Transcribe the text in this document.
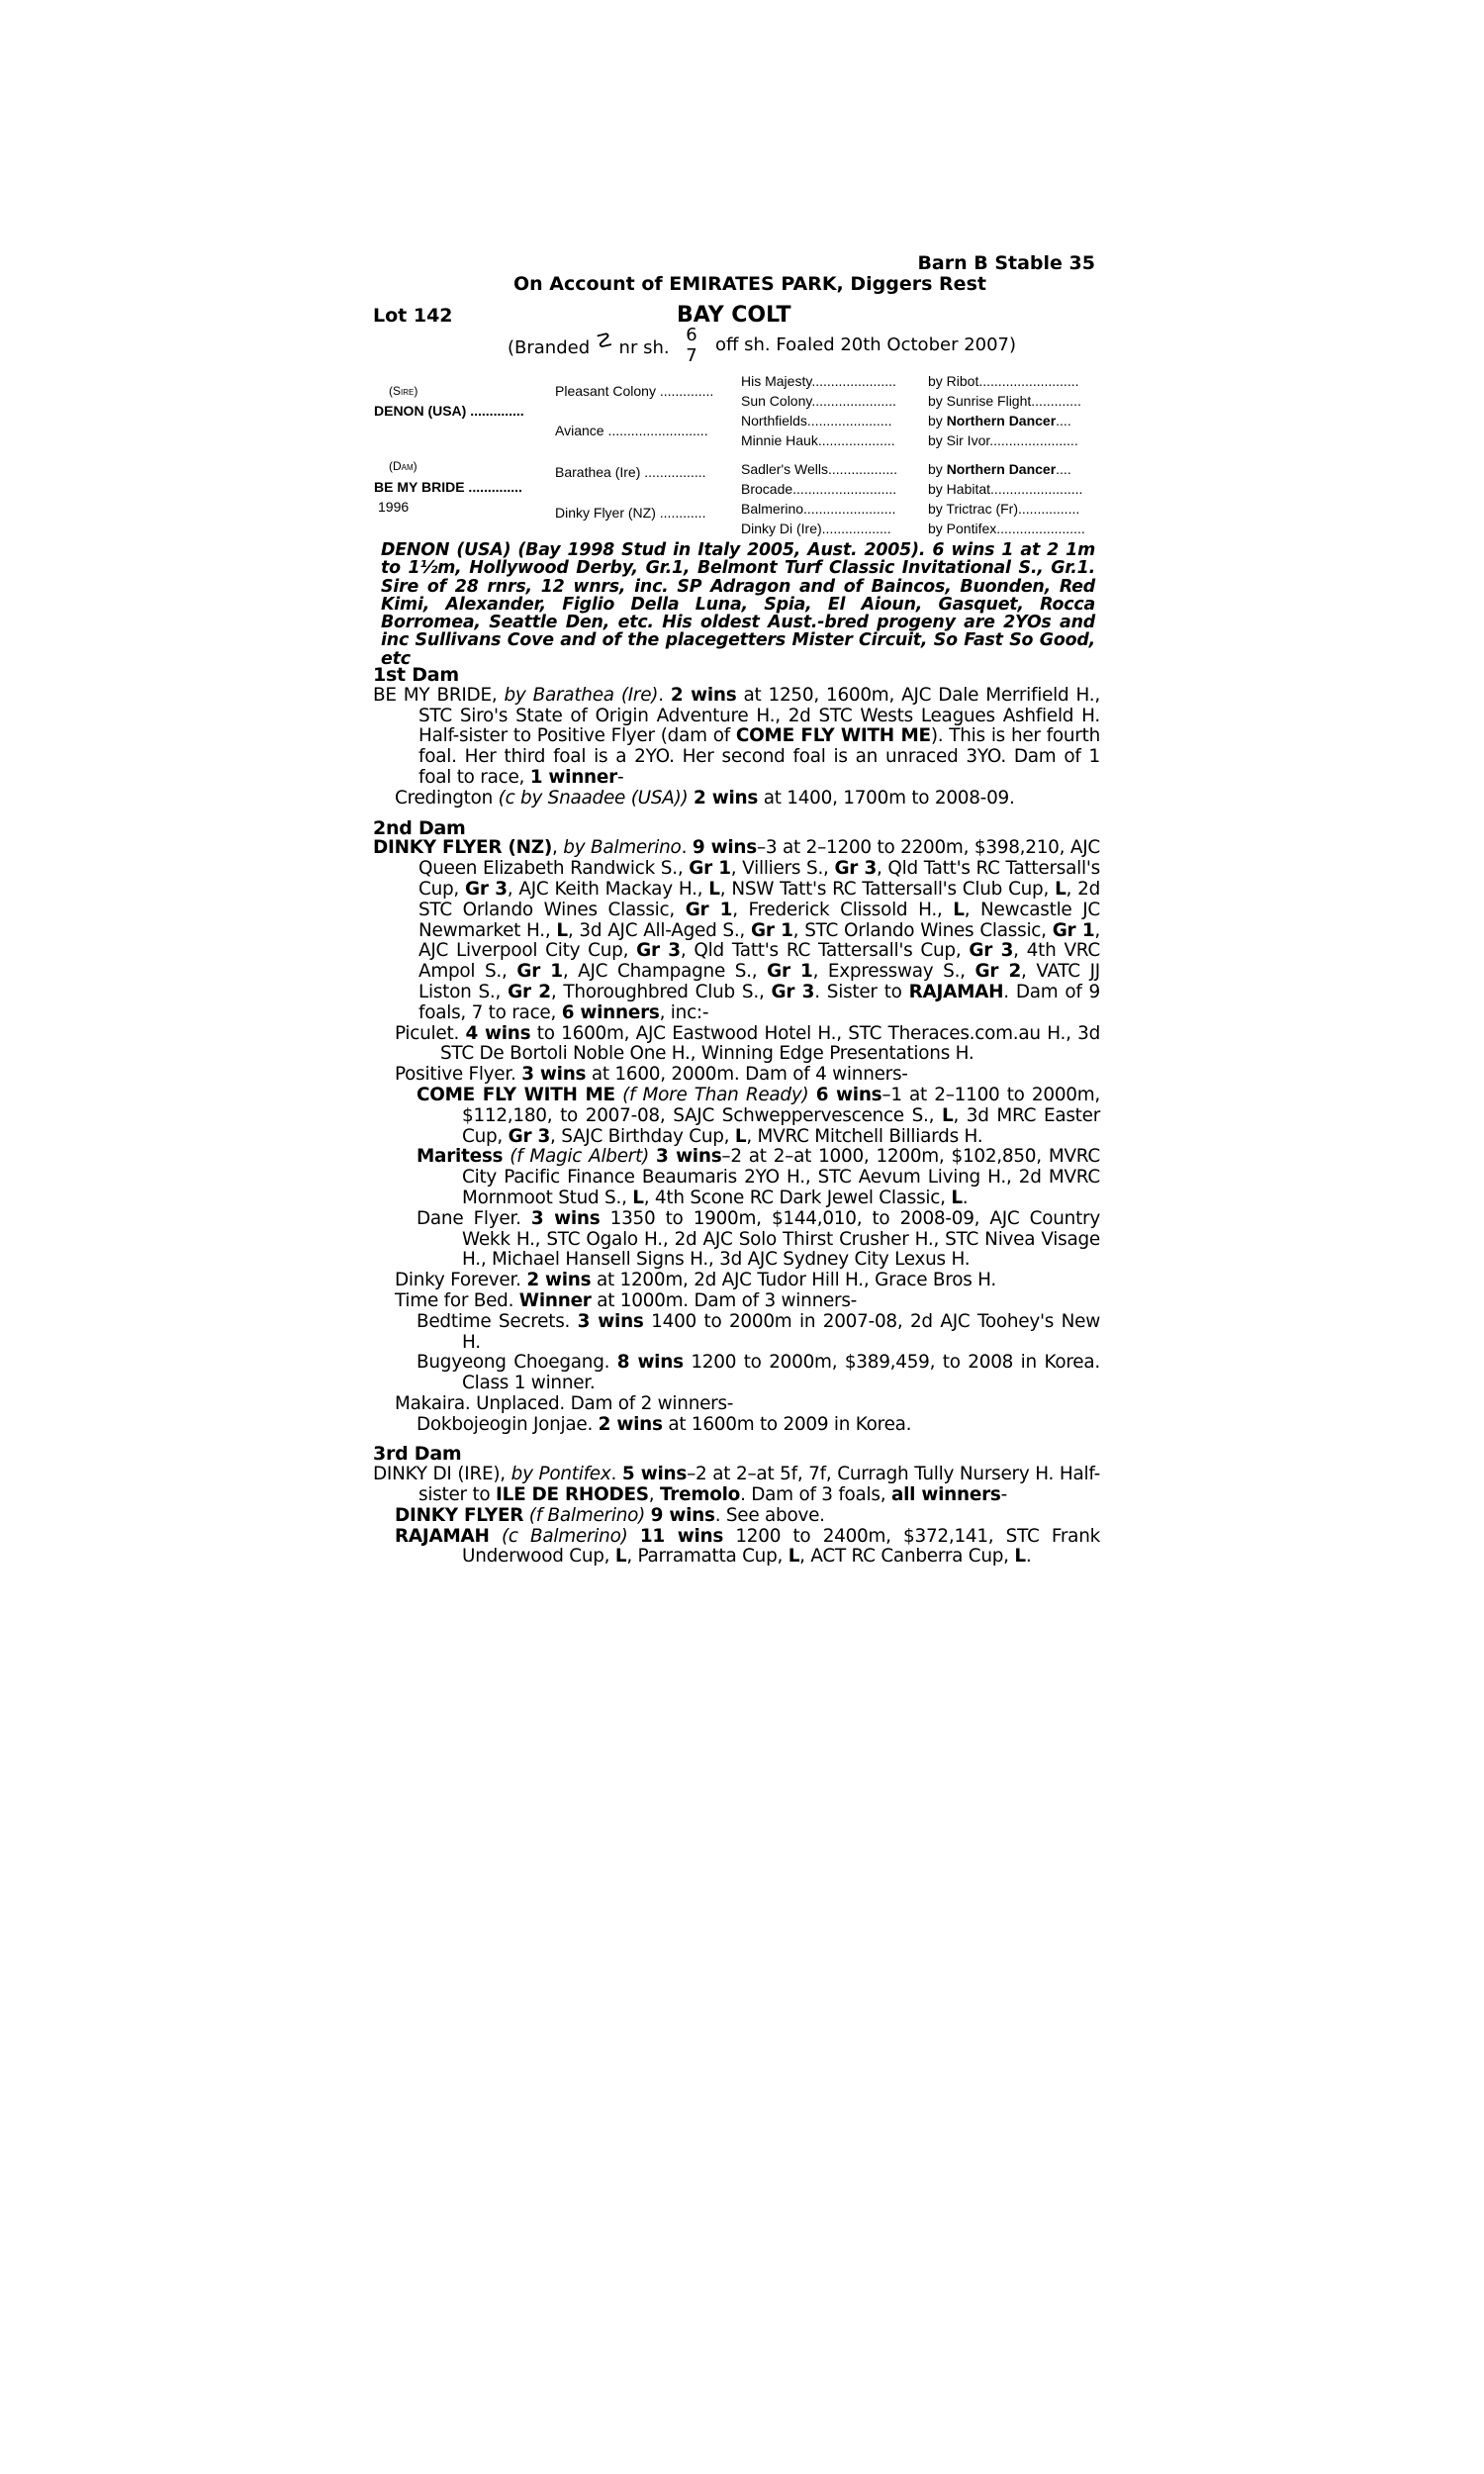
Barn B Stable 35
On Account of EMIRATES PARK, Diggers Rest
Lot 142	BAY COLT
(Branded ☡ nr sh.
6
7
off sh. Foaled 20th October 2007)
(Sire)
DENON (USA) ..............
(Dam)
BE MY BRIDE ..............
1996
Pleasant Colony ..............
Aviance ..........................
Barathea (Ire) ................
Dinky Flyer (NZ) ............
His Majesty......................
Sun Colony......................
Northfields......................
Minnie Hauk....................
Sadler's Wells..................
Brocade...........................
Balmerino........................
Dinky Di (Ire)..................
by Ribot..........................
by Sunrise Flight.............
by Northern Dancer....
by Sir Ivor.......................
by Northern Dancer....
by Habitat........................
by Trictrac (Fr)................
by Pontifex.......................
DENON (USA) (Bay 1998 Stud in Italy 2005, Aust. 2005). 6 wins 1 at 2 1m to 1½m, Hollywood Derby, Gr.1, Belmont Turf Classic Invitational S., Gr.1. Sire of 28 rnrs, 12 wnrs, inc. SP Adragon and of Baincos, Buonden, Red Kimi, Alexander, Figlio Della Luna, Spia, El Aioun, Gasquet, Rocca Borromea, Seattle Den, etc. His oldest Aust.-bred progeny are 2YOs and inc Sullivans Cove and of the placegetters Mister Circuit, So Fast So Good, etc
1st Dam

BE MY BRIDE, by Barathea (Ire). 2 wins at 1250, 1600m, AJC Dale Merrifield H., STC Siro's State of Origin Adventure H., 2d STC Wests Leagues Ashfield H. Half-sister to Positive Flyer (dam of COME FLY WITH ME). This is her fourth foal. Her third foal is a 2YO. Her second foal is an unraced 3YO. Dam of 1 foal to race, 1 winner-

Credington (c by Snaadee (USA)) 2 wins at 1400, 1700m to 2008-09.

2nd Dam

DINKY FLYER (NZ), by Balmerino. 9 wins–3 at 2–1200 to 2200m, $398,210, AJC Queen Elizabeth Randwick S., Gr 1, Villiers S., Gr 3, Qld Tatt's RC Tattersall's Cup, Gr 3, AJC Keith Mackay H., L, NSW Tatt's RC Tattersall's Club Cup, L, 2d STC Orlando Wines Classic, Gr 1, Frederick Clissold H., L, Newcastle JC Newmarket H., L, 3d AJC All-Aged S., Gr 1, STC Orlando Wines Classic, Gr 1, AJC Liverpool City Cup, Gr 3, Qld Tatt's RC Tattersall's Cup, Gr 3, 4th VRC Ampol S., Gr 1, AJC Champagne S., Gr 1, Expressway S., Gr 2, VATC JJ Liston S., Gr 2, Thoroughbred Club S., Gr 3. Sister to RAJAMAH. Dam of 9 foals, 7 to race, 6 winners, inc:-

Piculet. 4 wins to 1600m, AJC Eastwood Hotel H., STC Theraces.com.au H., 3d STC De Bortoli Noble One H., Winning Edge Presentations H.

Positive Flyer. 3 wins at 1600, 2000m. Dam of 4 winners-

COME FLY WITH ME (f More Than Ready) 6 wins–1 at 2–1100 to 2000m, $112,180, to 2007-08, SAJC Schweppervescence S., L, 3d MRC Easter Cup, Gr 3, SAJC Birthday Cup, L, MVRC Mitchell Billiards H.

Maritess (f Magic Albert) 3 wins–2 at 2–at 1000, 1200m, $102,850, MVRC City Pacific Finance Beaumaris 2YO H., STC Aevum Living H., 2d MVRC Mornmoot Stud S., L, 4th Scone RC Dark Jewel Classic, L.

Dane Flyer. 3 wins 1350 to 1900m, $144,010, to 2008-09, AJC Country Wekk H., STC Ogalo H., 2d AJC Solo Thirst Crusher H., STC Nivea Visage H., Michael Hansell Signs H., 3d AJC Sydney City Lexus H.

Dinky Forever. 2 wins at 1200m, 2d AJC Tudor Hill H., Grace Bros H.

Time for Bed. Winner at 1000m. Dam of 3 winners-

Bedtime Secrets. 3 wins 1400 to 2000m in 2007-08, 2d AJC Toohey's New H.

Bugyeong Choegang. 8 wins 1200 to 2000m, $389,459, to 2008 in Korea. Class 1 winner.

Makaira. Unplaced. Dam of 2 winners-

Dokbojeogin Jonjae. 2 wins at 1600m to 2009 in Korea.

3rd Dam

DINKY DI (IRE), by Pontifex. 5 wins–2 at 2–at 5f, 7f, Curragh Tully Nursery H. Half-sister to ILE DE RHODES, Tremolo. Dam of 3 foals, all winners-

DINKY FLYER (f Balmerino) 9 wins. See above.

RAJAMAH (c Balmerino) 11 wins 1200 to 2400m, $372,141, STC Frank Underwood Cup, L, Parramatta Cup, L, ACT RC Canberra Cup, L.
